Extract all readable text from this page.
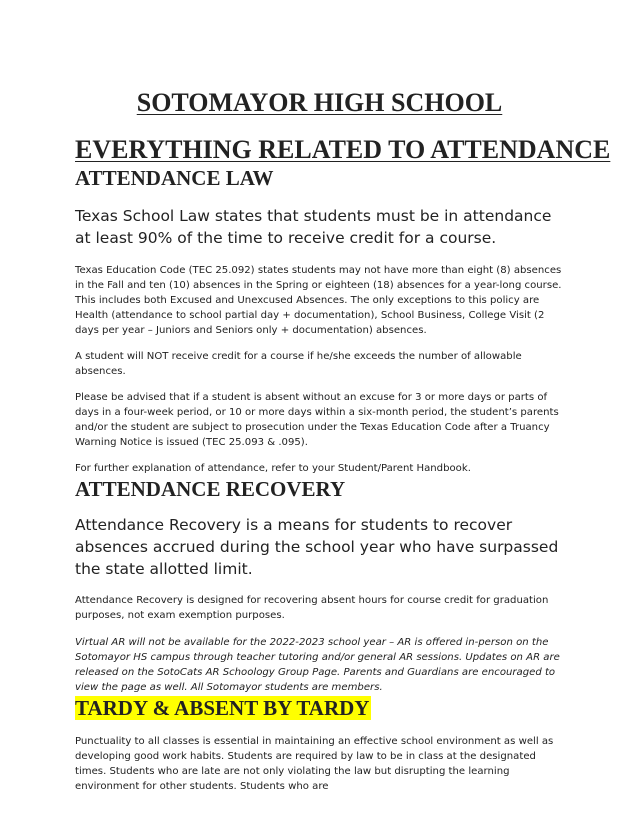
SOTOMAYOR HIGH SCHOOL
EVERYTHING RELATED TO ATTENDANCE
ATTENDANCE LAW

Texas School Law states that students must be in attendance at least 90% of the time to receive credit for a course.

Texas Education Code (TEC 25.092) states students may not have more than eight (8) absences in the Fall and ten (10) absences in the Spring or eighteen (18) absences for a year-long course. This includes both Excused and Unexcused Absences. The only exceptions to this policy are Health (attendance to school partial day + documentation), School Business, College Visit (2 days per year – Juniors and Seniors only + documentation) absences.

A student will NOT receive credit for a course if he/she exceeds the number of allowable absences.

Please be advised that if a student is absent without an excuse for 3 or more days or parts of days in a four-week period, or 10 or more days within a six-month period, the student’s parents and/or the student are subject to prosecution under the Texas Education Code after a Truancy Warning Notice is issued (TEC 25.093 & .095).

For further explanation of attendance, refer to your Student/Parent Handbook.

ATTENDANCE RECOVERY

Attendance Recovery is a means for students to recover absences accrued during the school year who have surpassed the state allotted limit.

Attendance Recovery is designed for recovering absent hours for course credit for graduation purposes, not exam exemption purposes.

Virtual AR will not be available for the 2022-2023 school year – AR is offered in-person on the Sotomayor HS campus through teacher tutoring and/or general AR sessions. Updates on AR are released on the SotoCats AR Schoology Group Page. Parents and Guardians are encouraged to view the page as well. All Sotomayor students are members.

TARDY & ABSENT BY TARDY

Punctuality to all classes is essential in maintaining an effective school environment as well as developing good work habits. Students are required by law to be in class at the designated times. Students who are late are not only violating the law but disrupting the learning environment for other students. Students who are
